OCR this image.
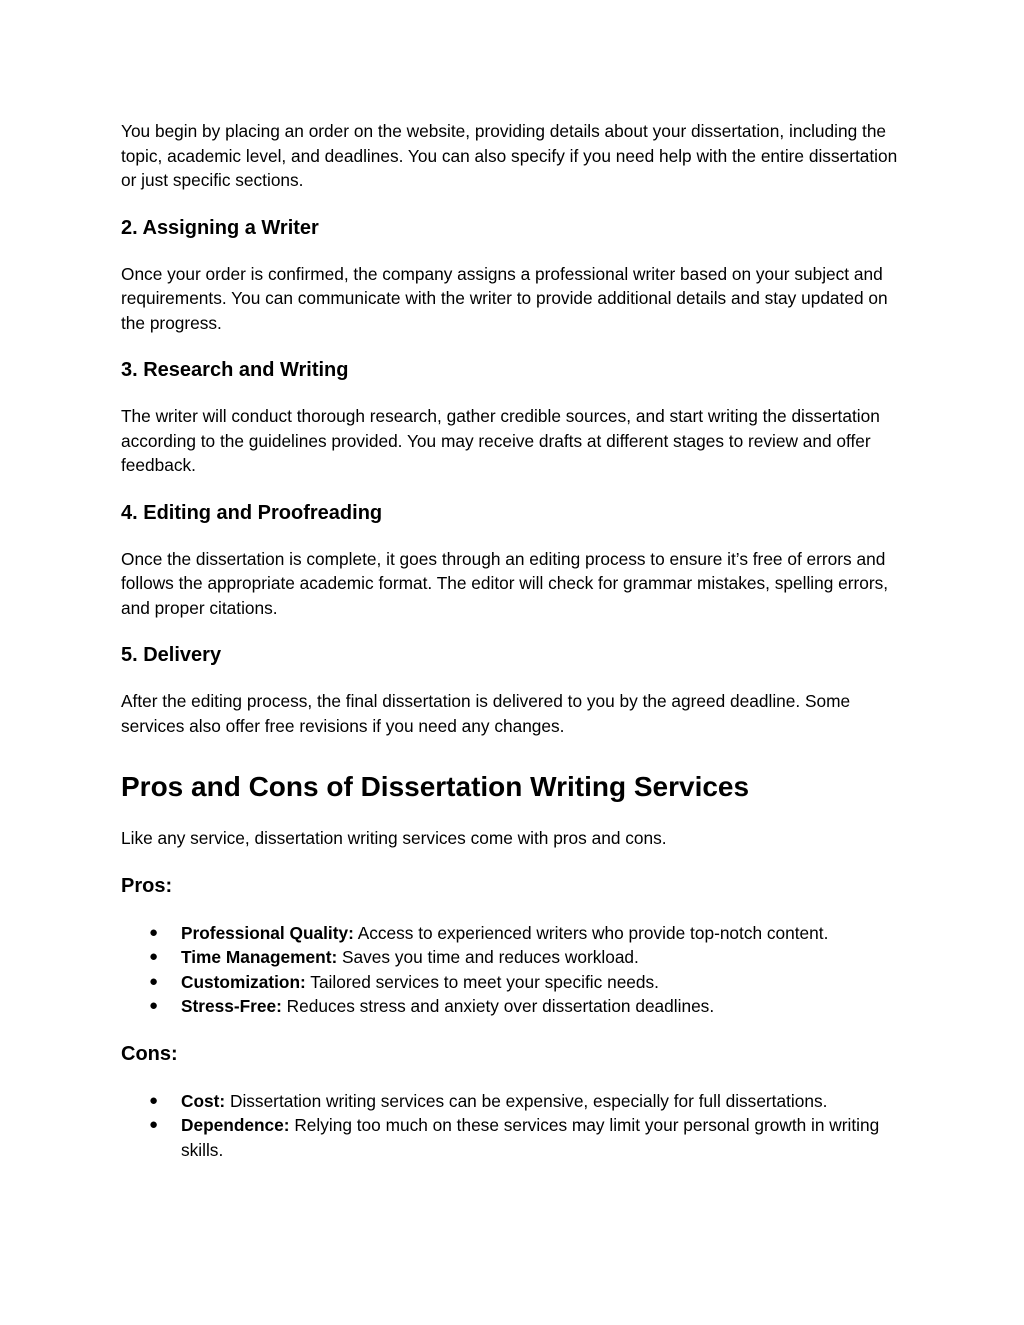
You begin by placing an order on the website, providing details about your dissertation, including the topic, academic level, and deadlines. You can also specify if you need help with the entire dissertation or just specific sections.

2. Assigning a Writer

Once your order is confirmed, the company assigns a professional writer based on your subject and requirements. You can communicate with the writer to provide additional details and stay updated on the progress.

3. Research and Writing

The writer will conduct thorough research, gather credible sources, and start writing the dissertation according to the guidelines provided. You may receive drafts at different stages to review and offer feedback.

4. Editing and Proofreading

Once the dissertation is complete, it goes through an editing process to ensure it’s free of errors and follows the appropriate academic format. The editor will check for grammar mistakes, spelling errors, and proper citations.

5. Delivery

After the editing process, the final dissertation is delivered to you by the agreed deadline. Some services also offer free revisions if you need any changes.

Pros and Cons of Dissertation Writing Services

Like any service, dissertation writing services come with pros and cons.

Pros:
● Professional Quality: Access to experienced writers who provide top-notch content.
● Time Management: Saves you time and reduces workload.
● Customization: Tailored services to meet your specific needs.
● Stress-Free: Reduces stress and anxiety over dissertation deadlines.
Cons:
● Cost: Dissertation writing services can be expensive, especially for full dissertations.
● Dependence: Relying too much on these services may limit your personal growth in writing skills.
